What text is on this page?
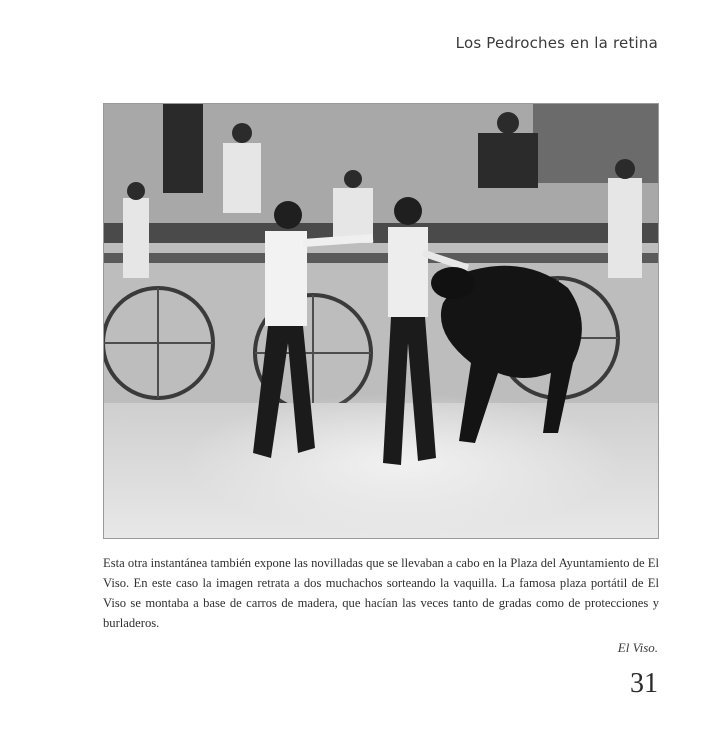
Los Pedroches en la retina

Esta otra instantánea también expone las novilladas que se llevaban a cabo en la Plaza del Ayuntamiento de El Viso. En este caso la imagen retrata a dos muchachos sorteando la vaquilla. La famosa plaza portátil de El Viso se montaba a base de carros de madera, que hacían las veces tanto de gradas como de protecciones y burladeros.

El Viso.
31
